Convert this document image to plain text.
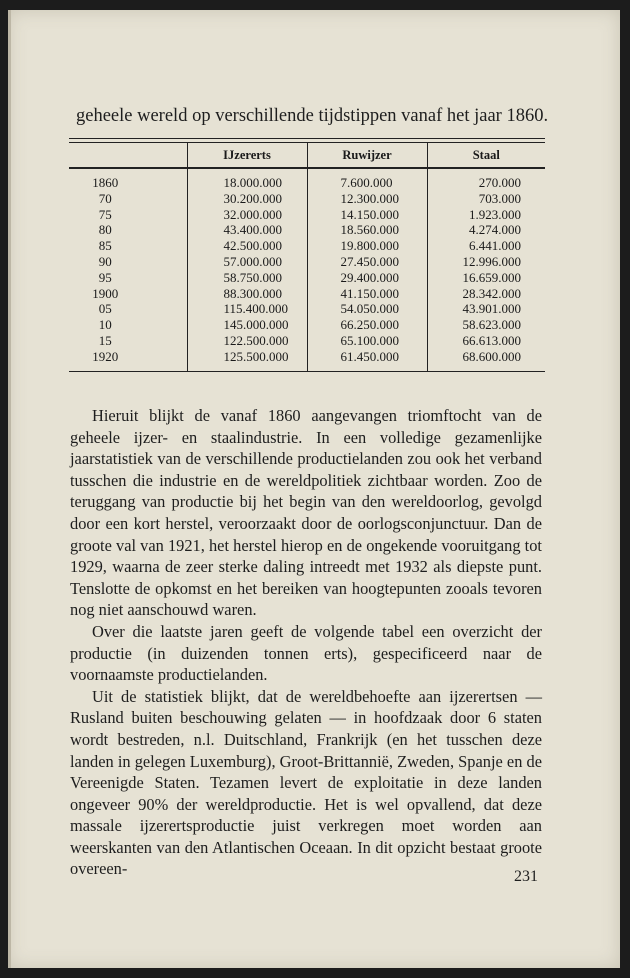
geheele wereld op verschillende tijdstippen vanaf het jaar 1860.
	IJzererts	Ruwijzer	Staal
1860	18.000.000	7.600.000	270.000
70	30.200.000	12.300.000	703.000
75	32.000.000	14.150.000	1.923.000
80	43.400.000	18.560.000	4.274.000
85	42.500.000	19.800.000	6.441.000
90	57.000.000	27.450.000	12.996.000
95	58.750.000	29.400.000	16.659.000
1900	88.300.000	41.150.000	28.342.000
05	115.400.000	54.050.000	43.901.000
10	145.000.000	66.250.000	58.623.000
15	122.500.000	65.100.000	66.613.000
1920	125.500.000	61.450.000	68.600.000

Hieruit blijkt de vanaf 1860 aangevangen triomftocht van de geheele ijzer- en staalindustrie. In een volledige gezamenlijke jaarstatistiek van de verschillende productielanden zou ook het verband tusschen die industrie en de wereldpolitiek zichtbaar worden. Zoo de teruggang van productie bij het begin van den wereldoorlog, gevolgd door een kort herstel, veroorzaakt door de oorlogsconjunctuur. Dan de groote val van 1921, het herstel hierop en de ongekende vooruitgang tot 1929, waarna de zeer sterke daling intreedt met 1932 als diepste punt. Tenslotte de opkomst en het bereiken van hoogtepunten zooals tevoren nog niet aanschouwd waren.

Over die laatste jaren geeft de volgende tabel een overzicht der productie (in duizenden tonnen erts), gespecificeerd naar de voornaamste productielanden.

Uit de statistiek blijkt, dat de wereldbehoefte aan ijzerertsen — Rusland buiten beschouwing gelaten — in hoofdzaak door 6 staten wordt bestreden, n.l. Duitschland, Frankrijk (en het tusschen deze landen in gelegen Luxemburg), Groot-Brittannië, Zweden, Spanje en de Vereenigde Staten. Tezamen levert de exploitatie in deze landen ongeveer 90% der wereldproductie. Het is wel opvallend, dat deze massale ijzerertsproductie juist verkregen moet worden aan weerskanten van den Atlantischen Oceaan. In dit opzicht bestaat groote overeen-	231
